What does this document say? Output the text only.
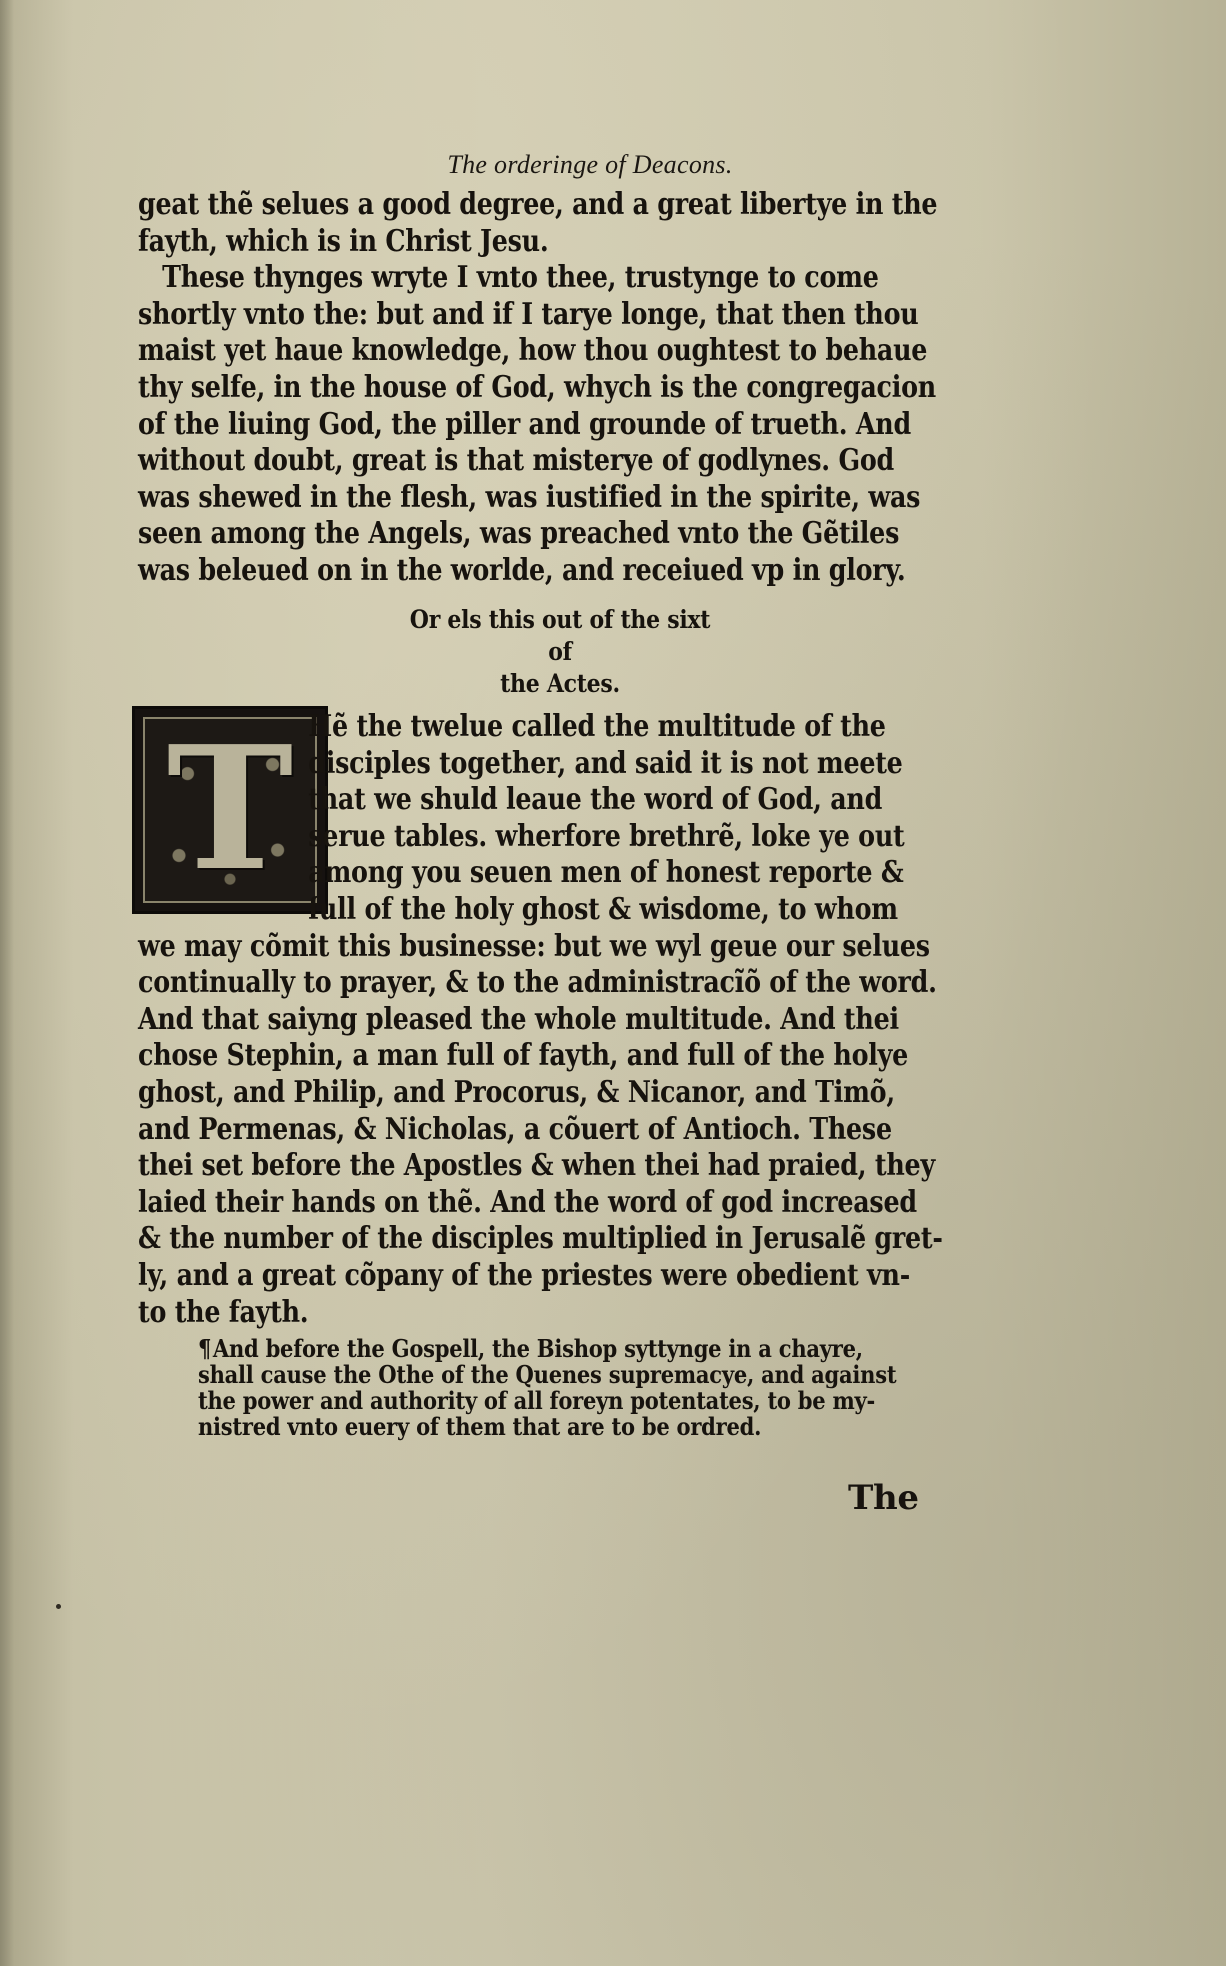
The orderinge of Deacons.
geat thẽ selues a good degree, and a great libertye in the
fayth, which is in Christ Jesu.
These thynges wryte I vnto thee, trustynge to come
shortly vnto the: but and if I tarye longe, that then thou
maist yet haue knowledge, how thou oughtest to behaue
thy selfe, in the house of God, whych is the congregacion
of the liuing God, the piller and grounde of trueth. And
without doubt, great is that misterye of godlynes. God
was shewed in the flesh, was iustified in the spirite, was
seen among the Angels, was preached vnto the Gẽtiles
was beleued on in the worlde, and receiued vp in glory.
Or els this out of the sixt of
the Actes.
T Hẽ the twelue called the multitude of the
disciples together, and said it is not meete
that we shuld leaue the word of God, and
serue tables. wherfore brethrẽ, loke ye out
among you seuen men of honest reporte &
full of the holy ghost & wisdome, to whom
we may cõmit this businesse: but we wyl geue our selues
continually to prayer, & to the administracĩõ of the word.
And that saiyng pleased the whole multitude. And thei
chose Stephin, a man full of fayth, and full of the holye
ghost, and Philip, and Procorus, & Nicanor, and Timõ,
and Permenas, & Nicholas, a cõuert of Antioch. These
thei set before the Apostles & when thei had praied, they
laied their hands on thẽ. And the word of god increased
& the number of the disciples multiplied in Jerusalẽ gret-
ly, and a great cõpany of the priestes were obedient vn-
to the fayth.
¶And before the Gospell, the Bishop syttynge in a chayre,
shall cause the Othe of the Quenes supremacye, and against
the power and authority of all foreyn potentates, to be my-
nistred vnto euery of them that are to be ordred.
The
